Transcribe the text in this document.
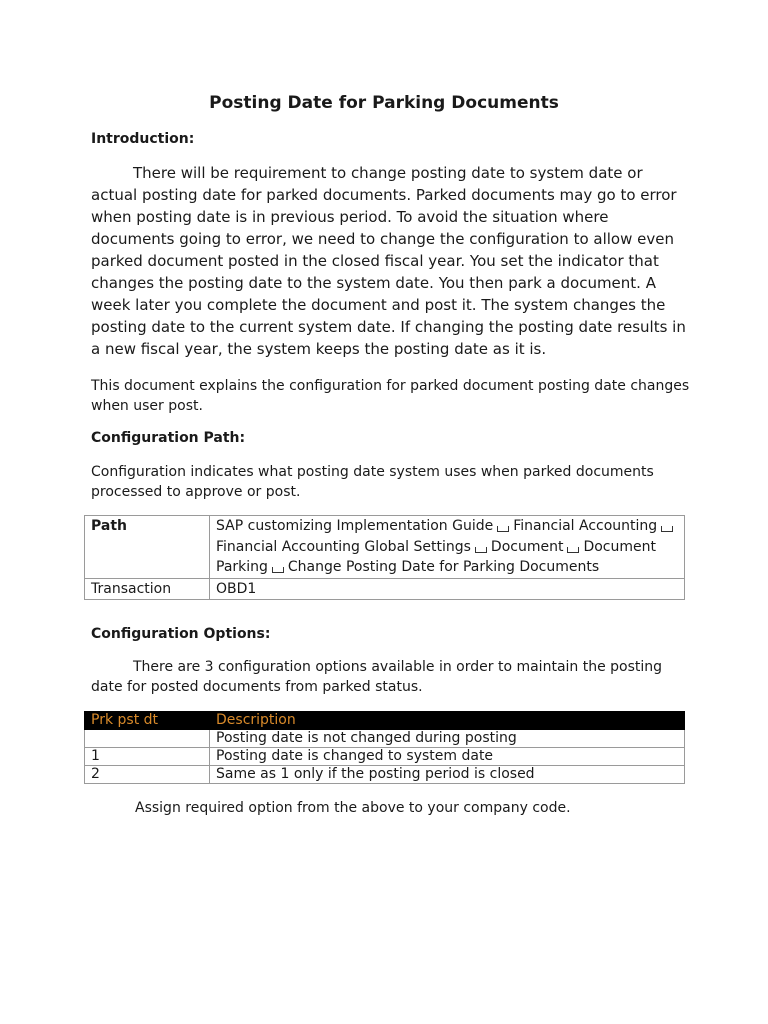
Posting Date for Parking Documents
Introduction:

There will be requirement to change posting date to system date or actual posting date for parked documents. Parked documents may go to error when posting date is in previous period. To avoid the situation where documents going to error, we need to change the configuration to allow even parked document posted in the closed fiscal year. You set the indicator that changes the posting date to the system date. You then park a document. A week later you complete the document and post it. The system changes the posting date to the current system date. If changing the posting date results in a new fiscal year, the system keeps the posting date as it is.

This document explains the configuration for parked document posting date changes when user post.

Configuration Path:

Configuration indicates what posting date system uses when parked documents processed to approve or post.

Path	SAP customizing Implementation Guide Financial Accounting Financial Accounting Global Settings Document Document Parking Change Posting Date for Parking Documents
Transaction	OBD1
Configuration Options:

There are 3 configuration options available in order to maintain the posting date for posted documents from parked status.

Prk pst dt	Description
	Posting date is not changed during posting
1	Posting date is changed to system date
2	Same as 1 only if the posting period is closed
Assign required option from the above to your company code.
